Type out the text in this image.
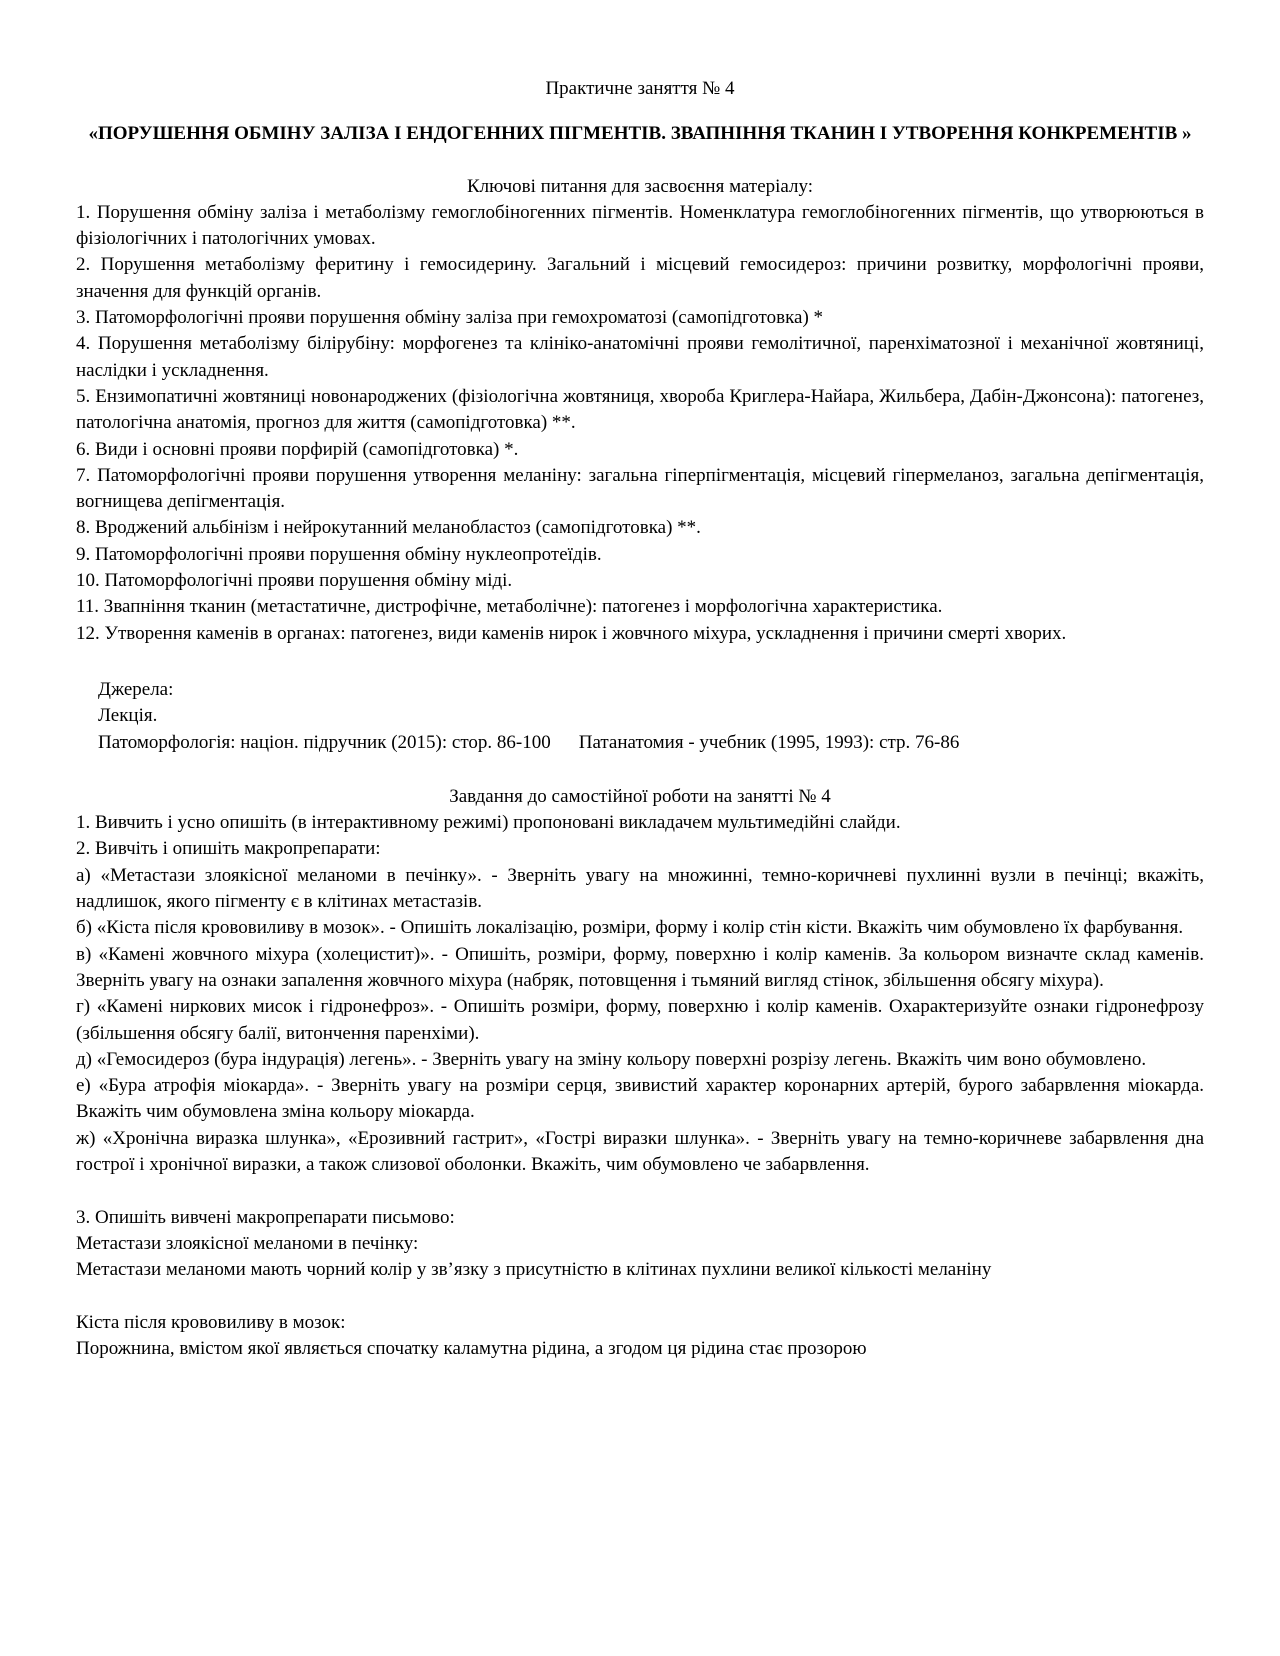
Практичне заняття № 4

«ПОРУШЕННЯ ОБМІНУ ЗАЛІЗА І ЕНДОГЕННИХ ПІГМЕНТІВ. ЗВАПНІННЯ ТКАНИН І УТВОРЕННЯ КОНКРЕМЕНТІВ »

Ключові питання для засвоєння матеріалу:

1. Порушення обміну заліза і метаболізму гемоглобіногенних пігментів. Номенклатура гемоглобіногенних пігментів, що утворюються в фізіологічних і патологічних умовах.

2. Порушення метаболізму феритину і гемосидерину. Загальний і місцевий гемосидероз: причини розвитку, морфологічні прояви, значення для функцій органів.

3. Патоморфологічні прояви порушення обміну заліза при гемохроматозі (самопідготовка) *

4. Порушення метаболізму білірубіну: морфогенез та клініко-анатомічні прояви гемолітичної, паренхіматозної і механічної жовтяниці, наслідки і ускладнення.

5. Ензимопатичні жовтяниці новонароджених (фізіологічна жовтяниця, хвороба Криглера-Найара, Жильбера, Дабін-Джонсона): патогенез, патологічна анатомія, прогноз для життя (самопідготовка) **.

6. Види і основні прояви порфирій (самопідготовка) *.

7. Патоморфологічні прояви порушення утворення меланіну: загальна гіперпігментація, місцевий гіпермеланоз, загальна депігментація, вогнищева депігментація.

8. Вроджений альбінізм і нейрокутанний меланобластоз (самопідготовка) **.

9. Патоморфологічні прояви порушення обміну нуклеопротеїдів.

10. Патоморфологічні прояви порушення обміну міді.

11. Звапніння тканин (метастатичне, дистрофічне, метаболічне): патогенез і морфологічна характеристика.

12. Утворення каменів в органах: патогенез, види каменів нирок і жовчного міхура, ускладнення і причини смерті хворих.

Джерела:

Лекція.

Патоморфологія: націон. підручник (2015): стор. 86-100 Патанатомия - учебник (1995, 1993): стр. 76-86

Завдання до самостійної роботи на занятті № 4

1. Вивчить і усно опишіть (в інтерактивному режимі) пропоновані викладачем мультимедійні слайди.

2. Вивчіть і опишіть макропрепарати:

а) «Метастази злоякісної меланоми в печінку». - Зверніть увагу на множинні, темно-коричневі пухлинні вузли в печінці; вкажіть, надлишок, якого пігменту є в клітинах метастазів.

б) «Кіста після крововиливу в мозок». - Опишіть локалізацію, розміри, форму і колір стін кісти. Вкажіть чим обумовлено їх фарбування.

в) «Камені жовчного міхура (холецистит)». - Опишіть, розміри, форму, поверхню і колір каменів. За кольором визначте склад каменів. Зверніть увагу на ознаки запалення жовчного міхура (набряк, потовщення і тьмяний вигляд стінок, збільшення обсягу міхура).

г) «Камені ниркових мисок і гідронефроз». - Опишіть розміри, форму, поверхню і колір каменів. Охарактеризуйте ознаки гідронефрозу (збільшення обсягу балії, витончення паренхіми).

д) «Гемосидероз (бура індурація) легень». - Зверніть увагу на зміну кольору поверхні розрізу легень. Вкажіть чим воно обумовлено.

е) «Бура атрофія міокарда». - Зверніть увагу на розміри серця, звивистий характер коронарних артерій, бурого забарвлення міокарда. Вкажіть чим обумовлена зміна кольору міокарда.

ж) «Хронічна виразка шлунка», «Ерозивний гастрит», «Гострі виразки шлунка». - Зверніть увагу на темно-коричневе забарвлення дна гострої і хронічної виразки, а також слизової оболонки. Вкажіть, чим обумовлено че забарвлення.

3. Опишіть вивчені макропрепарати письмово:

Метастази злоякісної меланоми в печінку:

Метастази меланоми мають чорний колір у зв’язку з присутністю в клітинах пухлини великої кількості меланіну

Кіста після крововиливу в мозок:

Порожнина, вмістом якої являється спочатку каламутна рідина, а згодом ця рідина стає прозорою
